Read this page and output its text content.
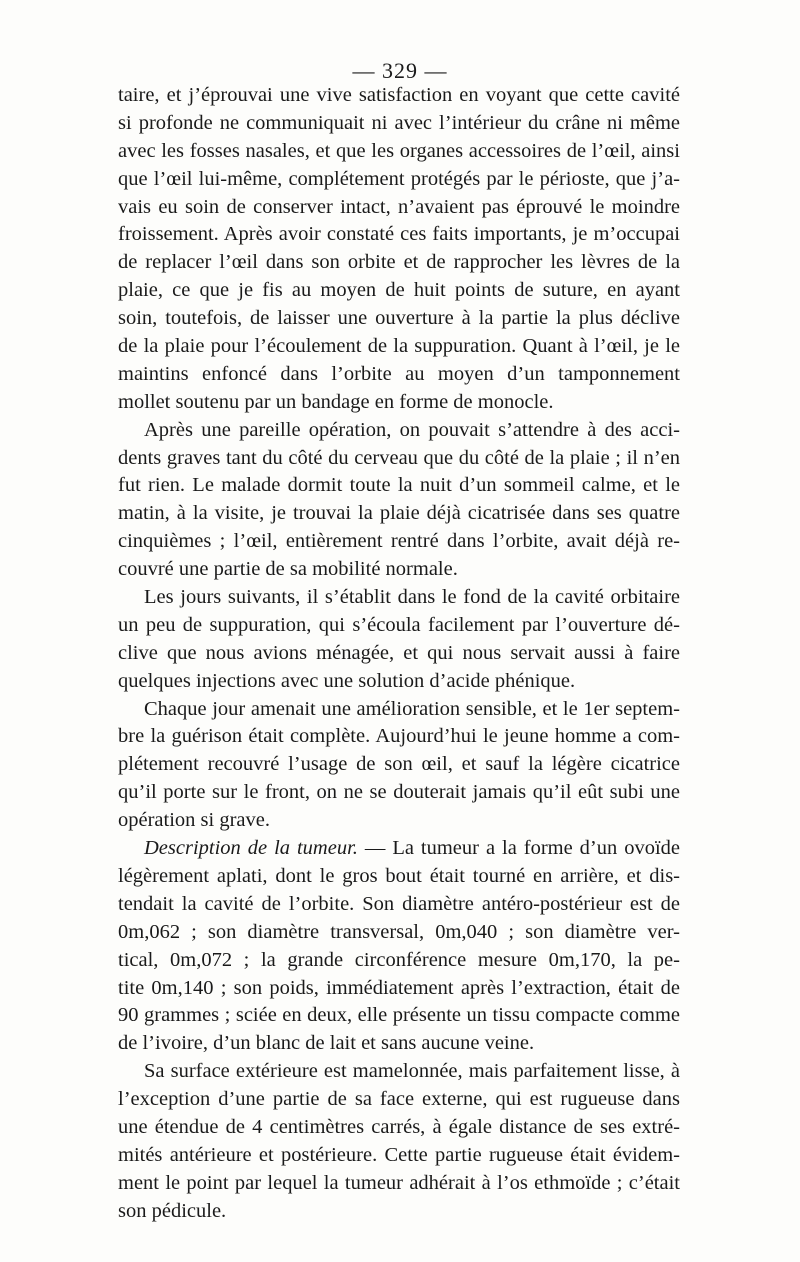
— 329 —
taire, et j’éprouvai une vive satisfaction en voyant que cette cavité
si profonde ne communiquait ni avec l’intérieur du crâne ni même
avec les fosses nasales, et que les organes accessoires de l’œil, ainsi
que l’œil lui-même, complétement protégés par le périoste, que j’a-
vais eu soin de conserver intact, n’avaient pas éprouvé le moindre
froissement. Après avoir constaté ces faits importants, je m’occupai
de replacer l’œil dans son orbite et de rapprocher les lèvres de la
plaie, ce que je fis au moyen de huit points de suture, en ayant
soin, toutefois, de laisser une ouverture à la partie la plus déclive
de la plaie pour l’écoulement de la suppuration. Quant à l’œil, je le
maintins enfoncé dans l’orbite au moyen d’un tamponnement
mollet soutenu par un bandage en forme de monocle.
Après une pareille opération, on pouvait s’attendre à des acci-
dents graves tant du côté du cerveau que du côté de la plaie ; il n’en
fut rien. Le malade dormit toute la nuit d’un sommeil calme, et le
matin, à la visite, je trouvai la plaie déjà cicatrisée dans ses quatre
cinquièmes ; l’œil, entièrement rentré dans l’orbite, avait déjà re-
couvré une partie de sa mobilité normale.
Les jours suivants, il s’établit dans le fond de la cavité orbitaire
un peu de suppuration, qui s’écoula facilement par l’ouverture dé-
clive que nous avions ménagée, et qui nous servait aussi à faire
quelques injections avec une solution d’acide phénique.
Chaque jour amenait une amélioration sensible, et le 1er septem-
bre la guérison était complète. Aujourd’hui le jeune homme a com-
plétement recouvré l’usage de son œil, et sauf la légère cicatrice
qu’il porte sur le front, on ne se douterait jamais qu’il eût subi une
opération si grave.
Description de la tumeur. — La tumeur a la forme d’un ovoïde
légèrement aplati, dont le gros bout était tourné en arrière, et dis-
tendait la cavité de l’orbite. Son diamètre antéro-postérieur est de
0m,062 ; son diamètre transversal, 0m,040 ; son diamètre ver-
tical, 0m,072 ; la grande circonférence mesure 0m,170, la pe-
tite 0m,140 ; son poids, immédiatement après l’extraction, était de
90 grammes ; sciée en deux, elle présente un tissu compacte comme
de l’ivoire, d’un blanc de lait et sans aucune veine.
Sa surface extérieure est mamelonnée, mais parfaitement lisse, à
l’exception d’une partie de sa face externe, qui est rugueuse dans
une étendue de 4 centimètres carrés, à égale distance de ses extré-
mités antérieure et postérieure. Cette partie rugueuse était évidem-
ment le point par lequel la tumeur adhérait à l’os ethmoïde ; c’était
son pédicule.
